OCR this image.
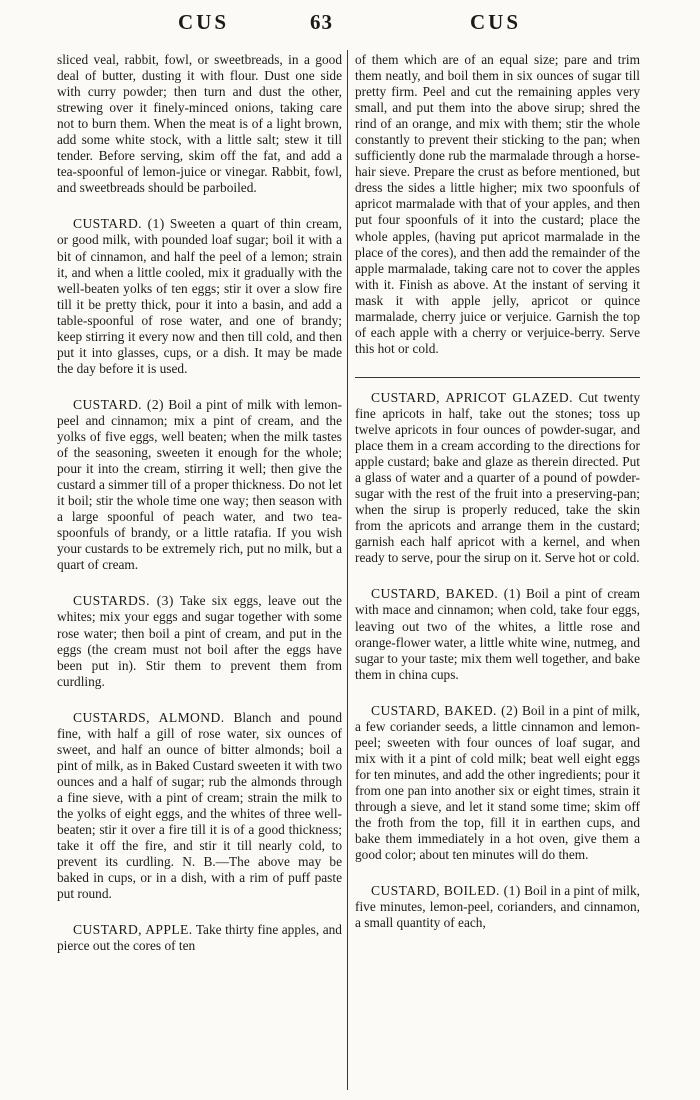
CUS	63	CUS

sliced veal, rabbit, fowl, or sweetbreads, in a good deal of butter, dusting it with flour. Dust one side with curry powder; then turn and dust the other, strewing over it finely-minced onions, taking care not to burn them. When the meat is of a light brown, add some white stock, with a little salt; stew it till tender. Before serving, skim off the fat, and add a tea-spoonful of lemon-juice or vinegar. Rabbit, fowl, and sweetbreads should be parboiled.

CUSTARD. (1) Sweeten a quart of thin cream, or good milk, with pounded loaf sugar; boil it with a bit of cinnamon, and half the peel of a lemon; strain it, and when a little cooled, mix it gradually with the well-beaten yolks of ten eggs; stir it over a slow fire till it be pretty thick, pour it into a basin, and add a table-spoonful of rose water, and one of brandy; keep stirring it every now and then till cold, and then put it into glasses, cups, or a dish. It may be made the day before it is used.

CUSTARD. (2) Boil a pint of milk with lemon-peel and cinnamon; mix a pint of cream, and the yolks of five eggs, well beaten; when the milk tastes of the seasoning, sweeten it enough for the whole; pour it into the cream, stirring it well; then give the custard a simmer till of a proper thickness. Do not let it boil; stir the whole time one way; then season with a large spoonful of peach water, and two tea-spoonfuls of brandy, or a little ratafia. If you wish your custards to be extremely rich, put no milk, but a quart of cream.

CUSTARDS. (3) Take six eggs, leave out the whites; mix your eggs and sugar together with some rose water; then boil a pint of cream, and put in the eggs (the cream must not boil after the eggs have been put in). Stir them to prevent them from curdling.

CUSTARDS, ALMOND. Blanch and pound fine, with half a gill of rose water, six ounces of sweet, and half an ounce of bitter almonds; boil a pint of milk, as in Baked Custard sweeten it with two ounces and a half of sugar; rub the almonds through a fine sieve, with a pint of cream; strain the milk to the yolks of eight eggs, and the whites of three well-beaten; stir it over a fire till it is of a good thickness; take it off the fire, and stir it till nearly cold, to prevent its curdling. N. B.—The above may be baked in cups, or in a dish, with a rim of puff paste put round.

CUSTARD, APPLE. Take thirty fine apples, and pierce out the cores of ten

of them which are of an equal size; pare and trim them neatly, and boil them in six ounces of sugar till pretty firm. Peel and cut the remaining apples very small, and put them into the above sirup; shred the rind of an orange, and mix with them; stir the whole constantly to prevent their sticking to the pan; when sufficiently done rub the marmalade through a horse-hair sieve. Prepare the crust as before mentioned, but dress the sides a little higher; mix two spoonfuls of apricot marmalade with that of your apples, and then put four spoonfuls of it into the custard; place the whole apples, (having put apricot marmalade in the place of the cores), and then add the remainder of the apple marmalade, taking care not to cover the apples with it. Finish as above. At the instant of serving it mask it with apple jelly, apricot or quince marmalade, cherry juice or verjuice. Garnish the top of each apple with a cherry or verjuice-berry. Serve this hot or cold.

CUSTARD, APRICOT GLAZED. Cut twenty fine apricots in half, take out the stones; toss up twelve apricots in four ounces of powder-sugar, and place them in a cream according to the directions for apple custard; bake and glaze as therein directed. Put a glass of water and a quarter of a pound of powder-sugar with the rest of the fruit into a preserving-pan; when the sirup is properly reduced, take the skin from the apricots and arrange them in the custard; garnish each half apricot with a kernel, and when ready to serve, pour the sirup on it. Serve hot or cold.

CUSTARD, BAKED. (1) Boil a pint of cream with mace and cinnamon; when cold, take four eggs, leaving out two of the whites, a little rose and orange-flower water, a little white wine, nutmeg, and sugar to your taste; mix them well together, and bake them in china cups.

CUSTARD, BAKED. (2) Boil in a pint of milk, a few coriander seeds, a little cinnamon and lemon-peel; sweeten with four ounces of loaf sugar, and mix with it a pint of cold milk; beat well eight eggs for ten minutes, and add the other ingredients; pour it from one pan into another six or eight times, strain it through a sieve, and let it stand some time; skim off the froth from the top, fill it in earthen cups, and bake them immediately in a hot oven, give them a good color; about ten minutes will do them.

CUSTARD, BOILED. (1) Boil in a pint of milk, five minutes, lemon-peel, corianders, and cinnamon, a small quantity of each,
